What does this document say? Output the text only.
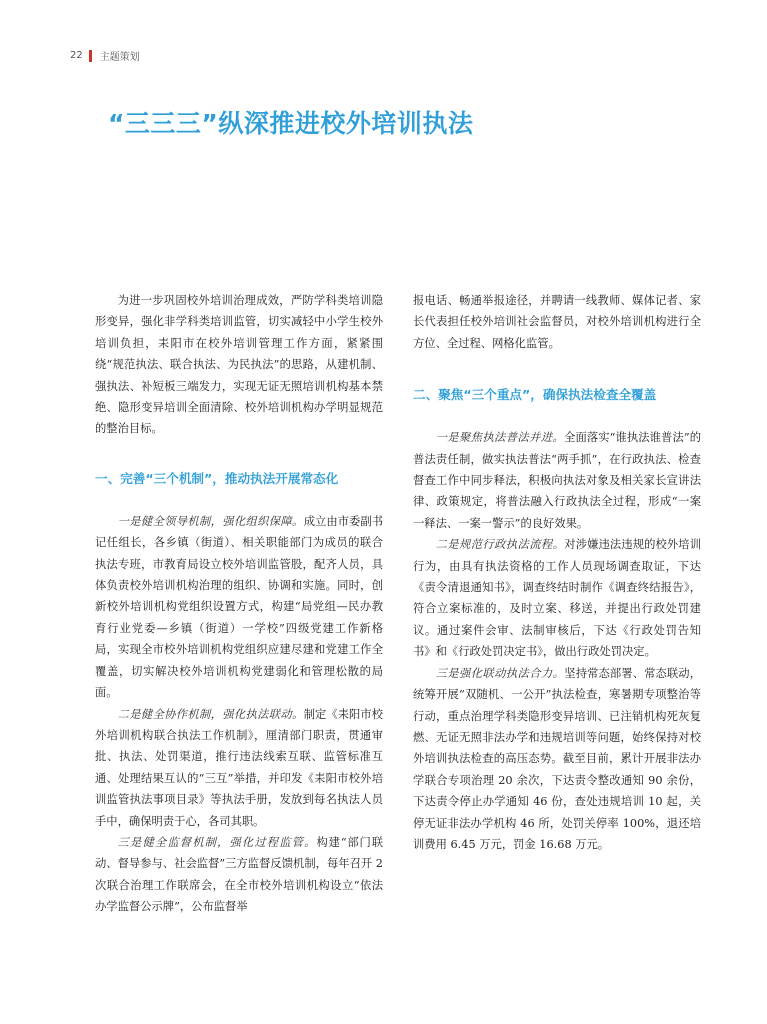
22 主题策划
“三三三”纵深推进校外培训执法

为进一步巩固校外培训治理成效，严防学科类培训隐形变异，强化非学科类培训监管，切实减轻中小学生校外培训负担，耒阳市在校外培训管理工作方面，紧紧围绕“规范执法、联合执法、为民执法”的思路，从建机制、强执法、补短板三端发力，实现无证无照培训机构基本禁绝、隐形变异培训全面清除、校外培训机构办学明显规范的整治目标。

一、完善“三个机制”，推动执法开展常态化

一是健全领导机制，强化组织保障。成立由市委副书记任组长，各乡镇（街道）、相关职能部门为成员的联合执法专班，市教育局设立校外培训监管股，配齐人员，具体负责校外培训机构治理的组织、协调和实施。同时，创新校外培训机构党组织设置方式，构建“局党组—民办教育行业党委—乡镇（街道）一学校”四级党建工作新格局，实现全市校外培训机构党组织应建尽建和党建工作全覆盖，切实解决校外培训机构党建弱化和管理松散的局面。

二是健全协作机制，强化执法联动。制定《耒阳市校外培训机构联合执法工作机制》，厘清部门职责，贯通审批、执法、处罚渠道，推行违法线索互联、监管标准互通、处理结果互认的“三互”举措，并印发《耒阳市校外培训监管执法事项目录》等执法手册，发放到每名执法人员手中，确保明责于心，各司其职。

三是健全监督机制，强化过程监管。构建“部门联动、督导参与、社会监督”三方监督反馈机制，每年召开 2 次联合治理工作联席会，在全市校外培训机构设立“依法办学监督公示牌”，公布监督举

报电话、畅通举报途径，并聘请一线教师、媒体记者、家长代表担任校外培训社会监督员，对校外培训机构进行全方位、全过程、网格化监管。

二、聚焦“三个重点”，确保执法检查全覆盖

一是聚焦执法普法并进。全面落实“谁执法谁普法”的普法责任制，做实执法普法“两手抓”，在行政执法、检查督查工作中同步释法，积极向执法对象及相关家长宣讲法律、政策规定，将普法融入行政执法全过程，形成“一案一释法、一案一警示”的良好效果。

二是规范行政执法流程。对涉嫌违法违规的校外培训行为，由具有执法资格的工作人员现场调查取证，下达《责令清退通知书》，调查终结时制作《调查终结报告》，符合立案标准的，及时立案、移送，并提出行政处罚建议。通过案件会审、法制审核后，下达《行政处罚告知书》和《行政处罚决定书》，做出行政处罚决定。

三是强化联动执法合力。坚持常态部署、常态联动，统筹开展“双随机、一公开”执法检查，寒暑期专项整治等行动，重点治理学科类隐形变异培训、已注销机构死灰复燃、无证无照非法办学和违规培训等问题，始终保持对校外培训执法检查的高压态势。截至目前，累计开展非法办学联合专项治理 20 余次，下达责令整改通知 90 余份，下达责令停止办学通知 46 份，查处违规培训 10 起，关停无证非法办学机构 46 所，处罚关停率 100%，退还培训费用 6.45 万元，罚金 16.68 万元。
